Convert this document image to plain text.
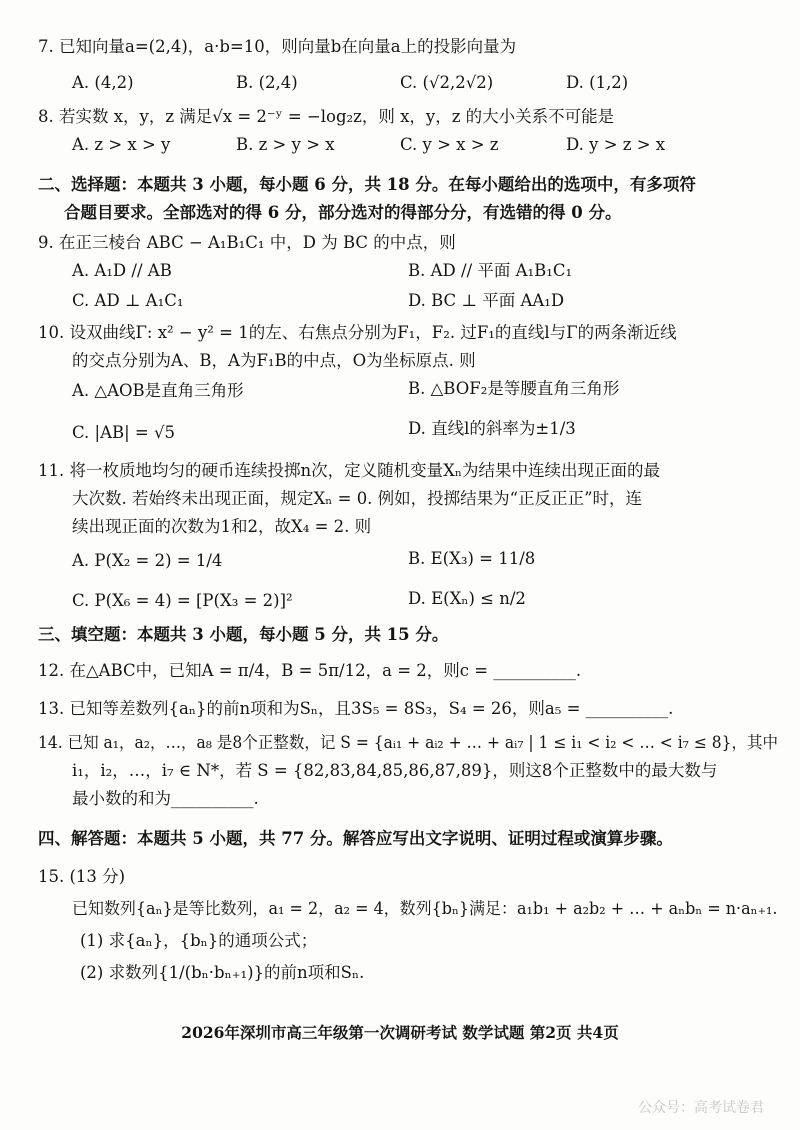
7. 已知向量a=(2,4)，a·b=10，则向量b在向量a上的投影向量为
A. (4,2)	B. (2,4)	C. (√2,2√2)	D. (1,2)
8. 若实数 x，y，z 满足√x = 2⁻ʸ = −log₂z，则 x，y，z 的大小关系不可能是
A. z > x > y	B. z > y > x	C. y > x > z	D. y > z > x
二、选择题：本题共 3 小题，每小题 6 分，共 18 分。在每小题给出的选项中，有多项符
合题目要求。全部选对的得 6 分，部分选对的得部分分，有选错的得 0 分。
9. 在正三棱台 ABC − A₁B₁C₁ 中，D 为 BC 的中点，则
A. A₁D // AB	B. AD // 平面 A₁B₁C₁
C. AD ⊥ A₁C₁	D. BC ⊥ 平面 AA₁D
10. 设双曲线Γ: x² − y² = 1的左、右焦点分别为F₁，F₂. 过F₁的直线l与Γ的两条渐近线
的交点分别为A、B，A为F₁B的中点，O为坐标原点. 则
A. △AOB是直角三角形	B. △BOF₂是等腰直角三角形
C. |AB| = √5	D. 直线l的斜率为±1/3
11. 将一枚质地均匀的硬币连续投掷n次，定义随机变量Xₙ为结果中连续出现正面的最
大次数. 若始终未出现正面，规定Xₙ = 0. 例如，投掷结果为“正反正正”时，连
续出现正面的次数为1和2，故X₄ = 2. 则
A. P(X₂ = 2) = 1/4	B. E(X₃) = 11/8
C. P(X₆ = 4) = [P(X₃ = 2)]²	D. E(Xₙ) ≤ n/2
三、填空题：本题共 3 小题，每小题 5 分，共 15 分。
12. 在△ABC中，已知A = π/4，B = 5π/12，a = 2，则c = __________.
13. 已知等差数列{aₙ}的前n项和为Sₙ，且3S₅ = 8S₃，S₄ = 26，则a₅ = __________.
14. 已知 a₁，a₂，…，a₈ 是8个正整数，记 S = {aᵢ₁ + aᵢ₂ + … + aᵢ₇ | 1 ≤ i₁ < i₂ < … < i₇ ≤ 8}，其中
i₁，i₂，…，i₇ ∈ N*，若 S = {82,83,84,85,86,87,89}，则这8个正整数中的最大数与
最小数的和为__________.
四、解答题：本题共 5 小题，共 77 分。解答应写出文字说明、证明过程或演算步骤。
15. (13 分)
已知数列{aₙ}是等比数列，a₁ = 2，a₂ = 4，数列{bₙ}满足：a₁b₁ + a₂b₂ + … + aₙbₙ = n·aₙ₊₁.
(1) 求{aₙ}，{bₙ}的通项公式；
(2) 求数列{1/(bₙ·bₙ₊₁)}的前n项和Sₙ.
2026年深圳市高三年级第一次调研考试 数学试题 第2页 共4页
公众号：高考试卷君
